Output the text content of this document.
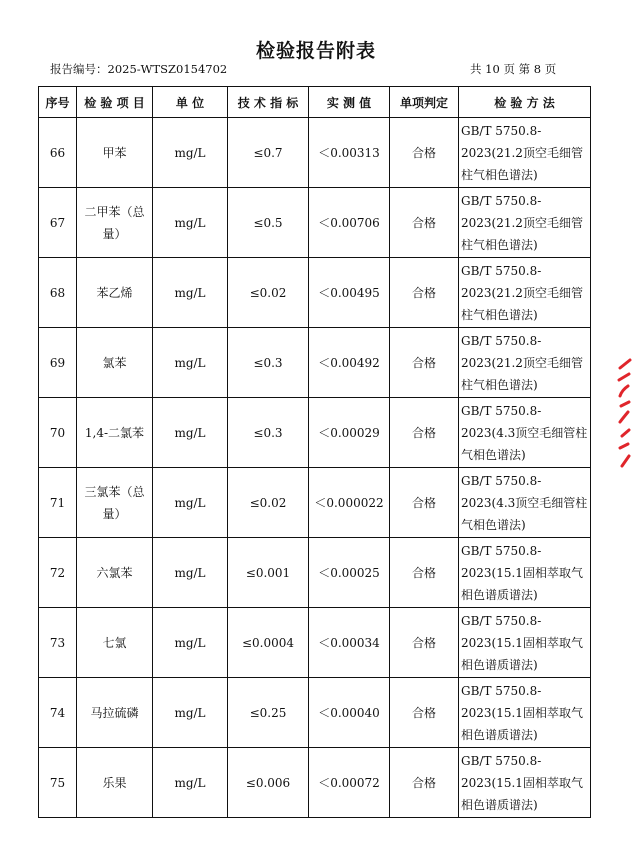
检验报告附表
报告编号：2025-WTSZ0154702	共 10 页 第 8 页
序号	检 验 项 目	单 位	技 术 指 标	实 测 值	单项判定	检 验 方 法
66	甲苯	mg/L	≤0.7	＜0.00313	合格	GB/T 5750.8-2023(21.2顶空毛细管柱气相色谱法)
67	二甲苯（总量）	mg/L	≤0.5	＜0.00706	合格	GB/T 5750.8-2023(21.2顶空毛细管柱气相色谱法)
68	苯乙烯	mg/L	≤0.02	＜0.00495	合格	GB/T 5750.8-2023(21.2顶空毛细管柱气相色谱法)
69	氯苯	mg/L	≤0.3	＜0.00492	合格	GB/T 5750.8-2023(21.2顶空毛细管柱气相色谱法)
70	1,4-二氯苯	mg/L	≤0.3	＜0.00029	合格	GB/T 5750.8-2023(4.3顶空毛细管柱气相色谱法)
71	三氯苯（总量）	mg/L	≤0.02	＜0.000022	合格	GB/T 5750.8-2023(4.3顶空毛细管柱气相色谱法)
72	六氯苯	mg/L	≤0.001	＜0.00025	合格	GB/T 5750.8-2023(15.1固相萃取气相色谱质谱法)
73	七氯	mg/L	≤0.0004	＜0.00034	合格	GB/T 5750.8-2023(15.1固相萃取气相色谱质谱法)
74	马拉硫磷	mg/L	≤0.25	＜0.00040	合格	GB/T 5750.8-2023(15.1固相萃取气相色谱质谱法)
75	乐果	mg/L	≤0.006	＜0.00072	合格	GB/T 5750.8-2023(15.1固相萃取气相色谱质谱法)
